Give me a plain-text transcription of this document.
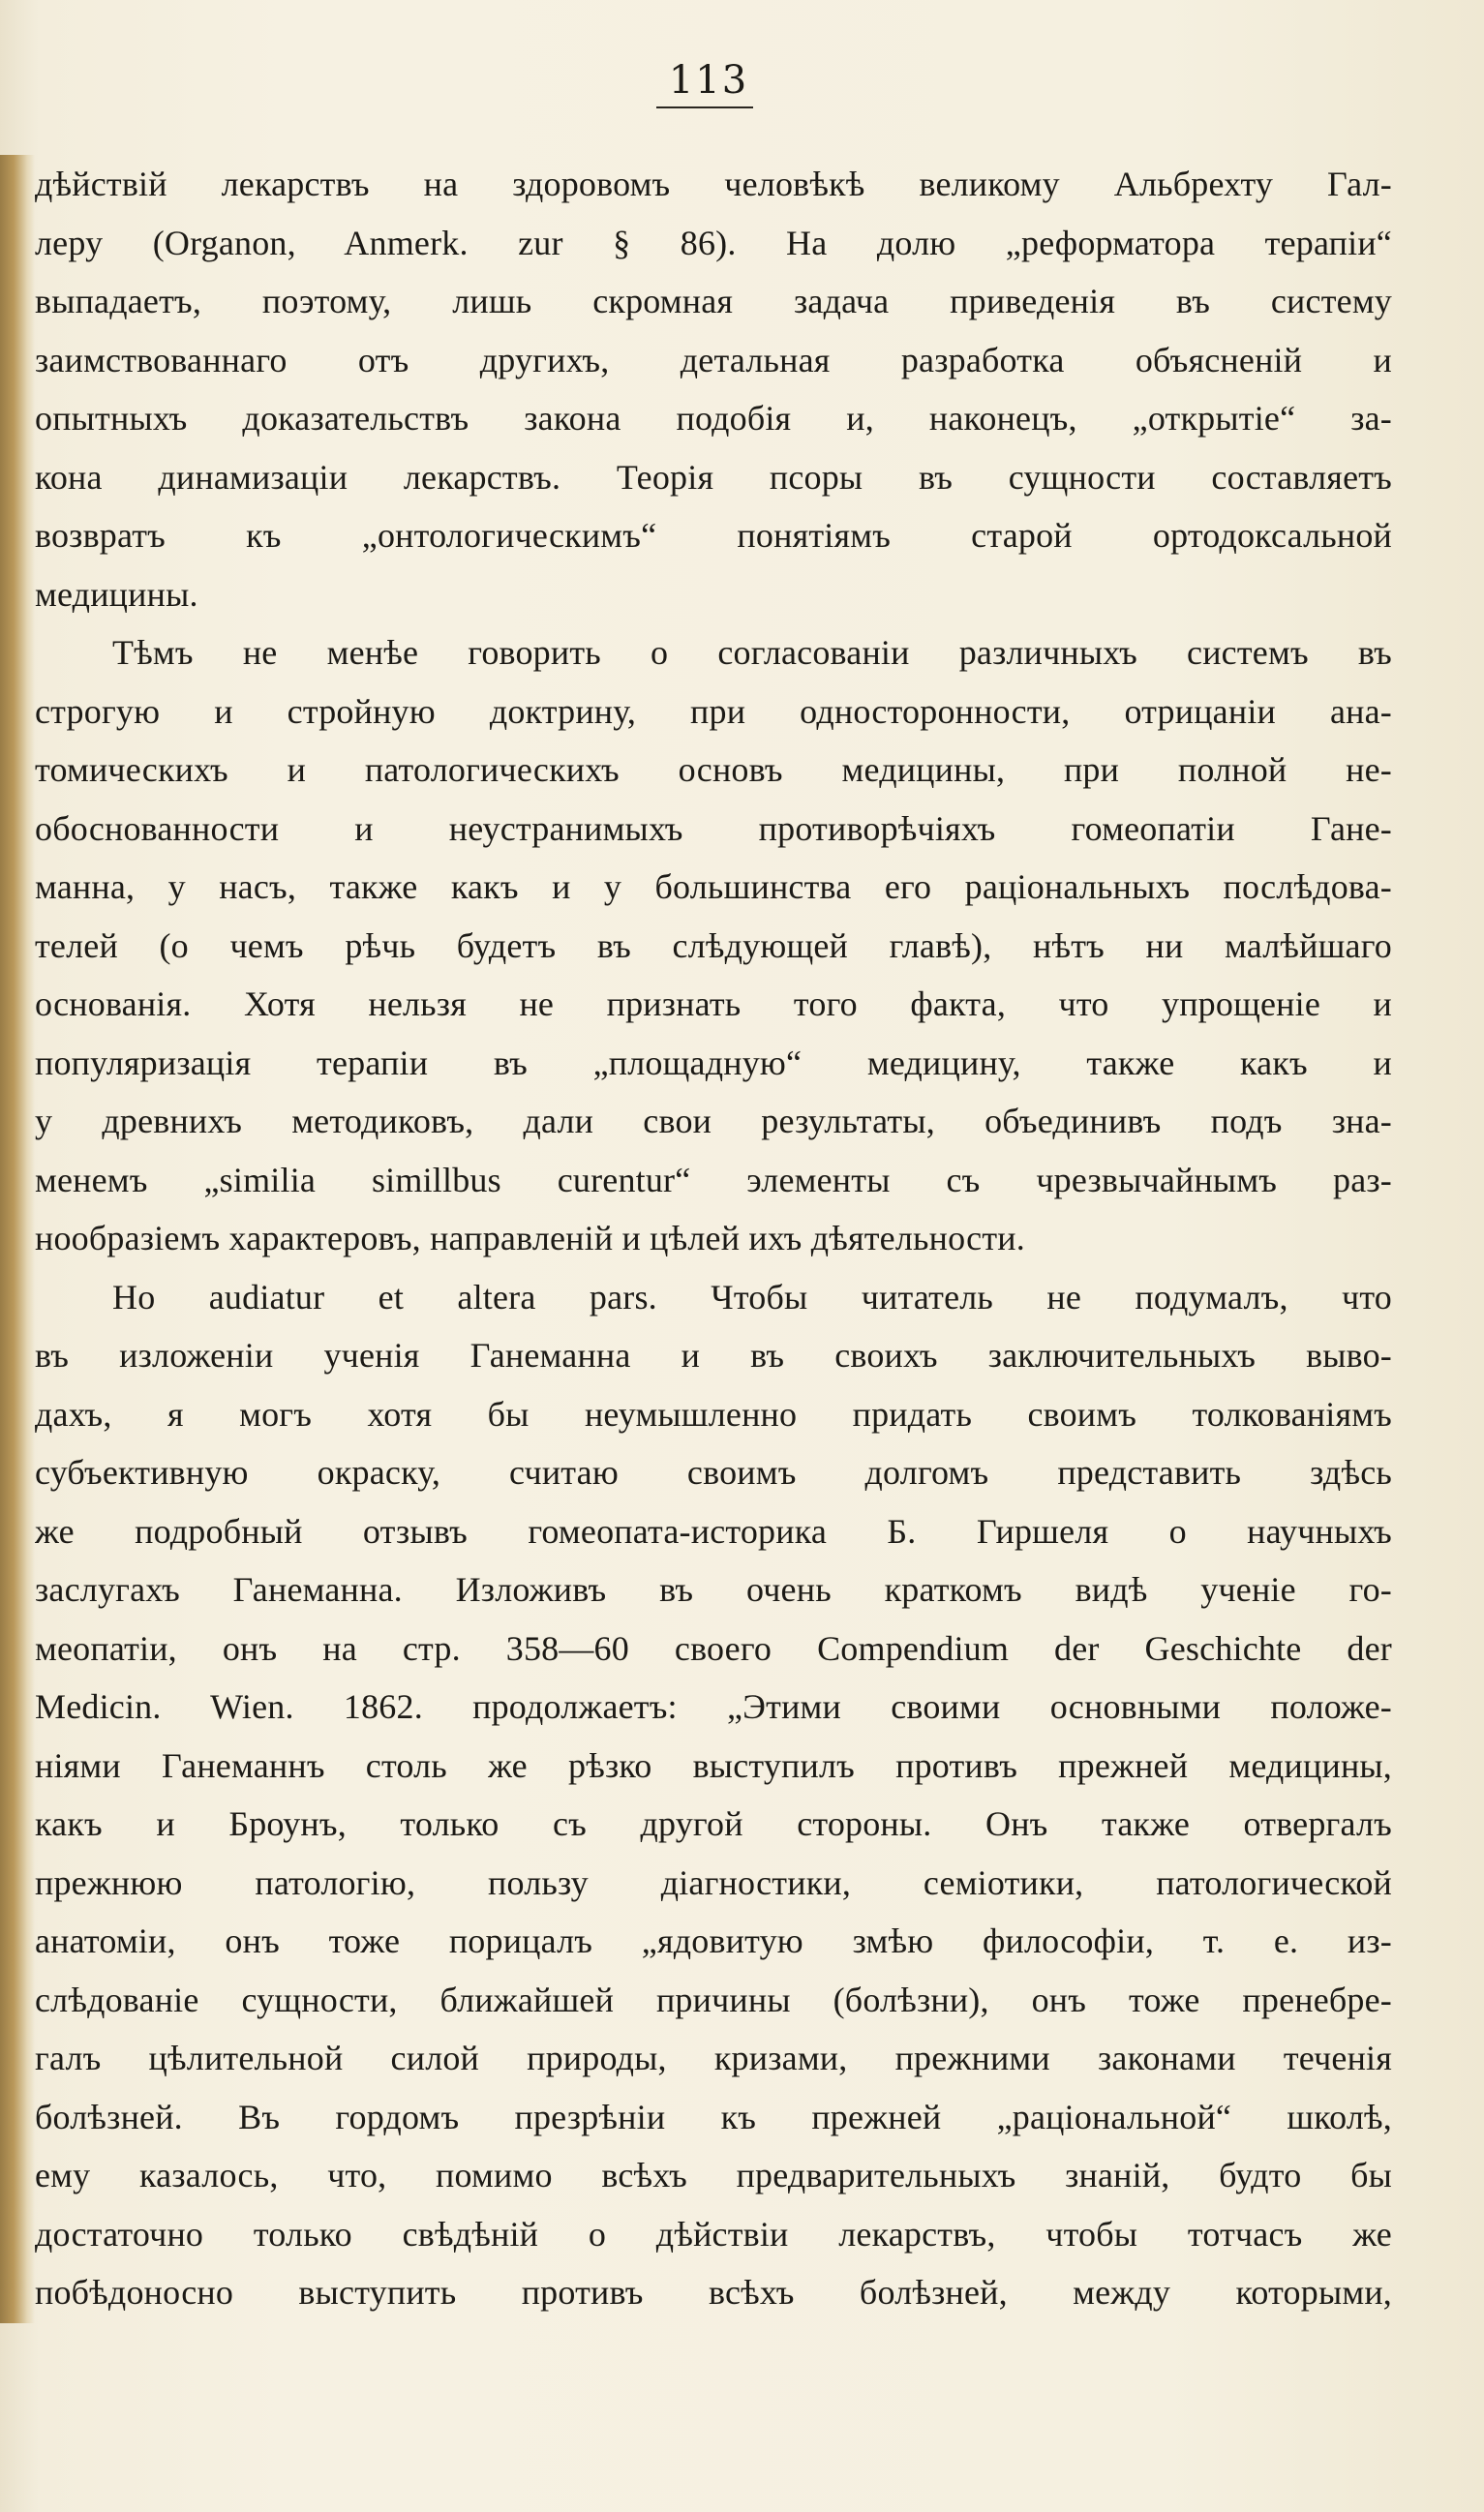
113
дѣйствій лекарствъ на здоровомъ человѣкѣ великому Альбрехту Гал-
леру (Organon, Anmerk. zur § 86). На долю „реформатора терапіи“
выпадаетъ, поэтому, лишь скромная задача приведенія въ систему
заимствованнаго отъ другихъ, детальная разработка объясненій и
опытныхъ доказательствъ закона подобія и, наконецъ, „открытіе“ за-
кона динамизаціи лекарствъ. Теорія псоры въ сущности составляетъ
возвратъ къ „онтологическимъ“ понятіямъ старой ортодоксальной
медицины.
Тѣмъ не менѣе говорить о согласованіи различныхъ системъ въ
строгую и стройную доктрину, при односторонности, отрицаніи ана-
томическихъ и патологическихъ основъ медицины, при полной не-
обоснованности и неустранимыхъ противорѣчіяхъ гомеопатіи Гане-
манна, у насъ, также какъ и у большинства его раціональныхъ послѣдова-
телей (о чемъ рѣчь будетъ въ слѣдующей главѣ), нѣтъ ни малѣйшаго
основанія. Хотя нельзя не признать того факта, что упрощеніе и
популяризація терапіи въ „площадную“ медицину, также какъ и
у древнихъ методиковъ, дали свои результаты, объединивъ подъ зна-
менемъ „similia simillbus curentur“ элементы съ чрезвычайнымъ раз-
нообразіемъ характеровъ, направленій и цѣлей ихъ дѣятельности.
Но audiatur et altera pars. Чтобы читатель не подумалъ, что
въ изложеніи ученія Ганеманна и въ своихъ заключительныхъ выво-
дахъ, я могъ хотя бы неумышленно придать своимъ толкованіямъ
субъективную окраску, считаю своимъ долгомъ представить здѣсь
же подробный отзывъ гомеопата-историка Б. Гиршеля о научныхъ
заслугахъ Ганеманна. Изложивъ въ очень краткомъ видѣ ученіе го-
меопатіи, онъ на стр. 358—60 своего Compendium der Geschichte der
Medicin. Wien. 1862. продолжаетъ: „Этими своими основными положе-
ніями Ганеманнъ столь же рѣзко выступилъ противъ прежней медицины,
какъ и Броунъ, только съ другой стороны. Онъ также отвергалъ
прежнюю патологію, пользу діагностики, семіотики, патологической
анатоміи, онъ тоже порицалъ „ядовитую змѣю философіи, т. е. из-
слѣдованіе сущности, ближайшей причины (болѣзни), онъ тоже пренебре-
галъ цѣлительной силой природы, кризами, прежними законами теченія
болѣзней. Въ гордомъ презрѣніи къ прежней „раціональной“ школѣ,
ему казалось, что, помимо всѣхъ предварительныхъ знаній, будто бы
достаточно только свѣдѣній о дѣйствіи лекарствъ, чтобы тотчасъ же
побѣдоносно выступить противъ всѣхъ болѣзней, между которыми,
